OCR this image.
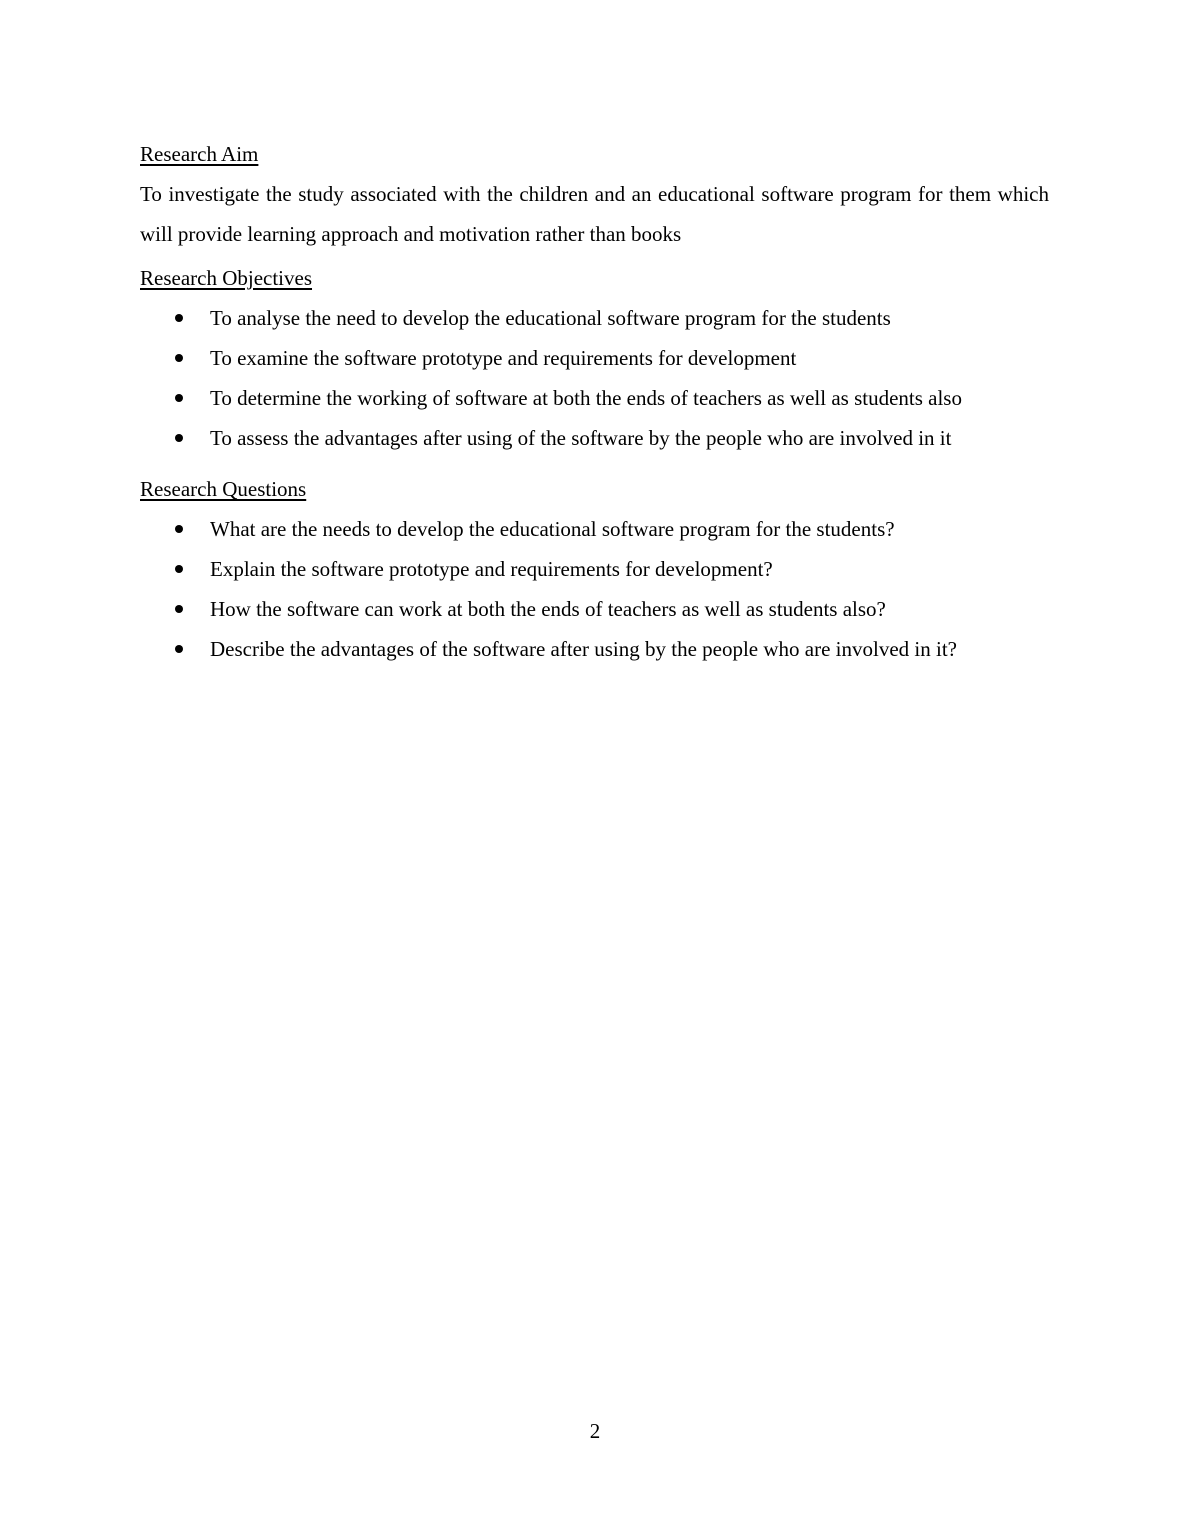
Research Aim

To investigate the study associated with the children and an educational software program for them which will provide learning approach and motivation rather than books

Research Objectives

To analyse the need to develop the educational software program for the students
To examine the software prototype and requirements for development
To determine the working of software at both the ends of teachers as well as students also
To assess the advantages after using of the software by the people who are involved in it

Research Questions

What are the needs to develop the educational software program for the students?
Explain the software prototype and requirements for development?
How the software can work at both the ends of teachers as well as students also?
Describe the advantages of the software after using by the people who are involved in it?
2
